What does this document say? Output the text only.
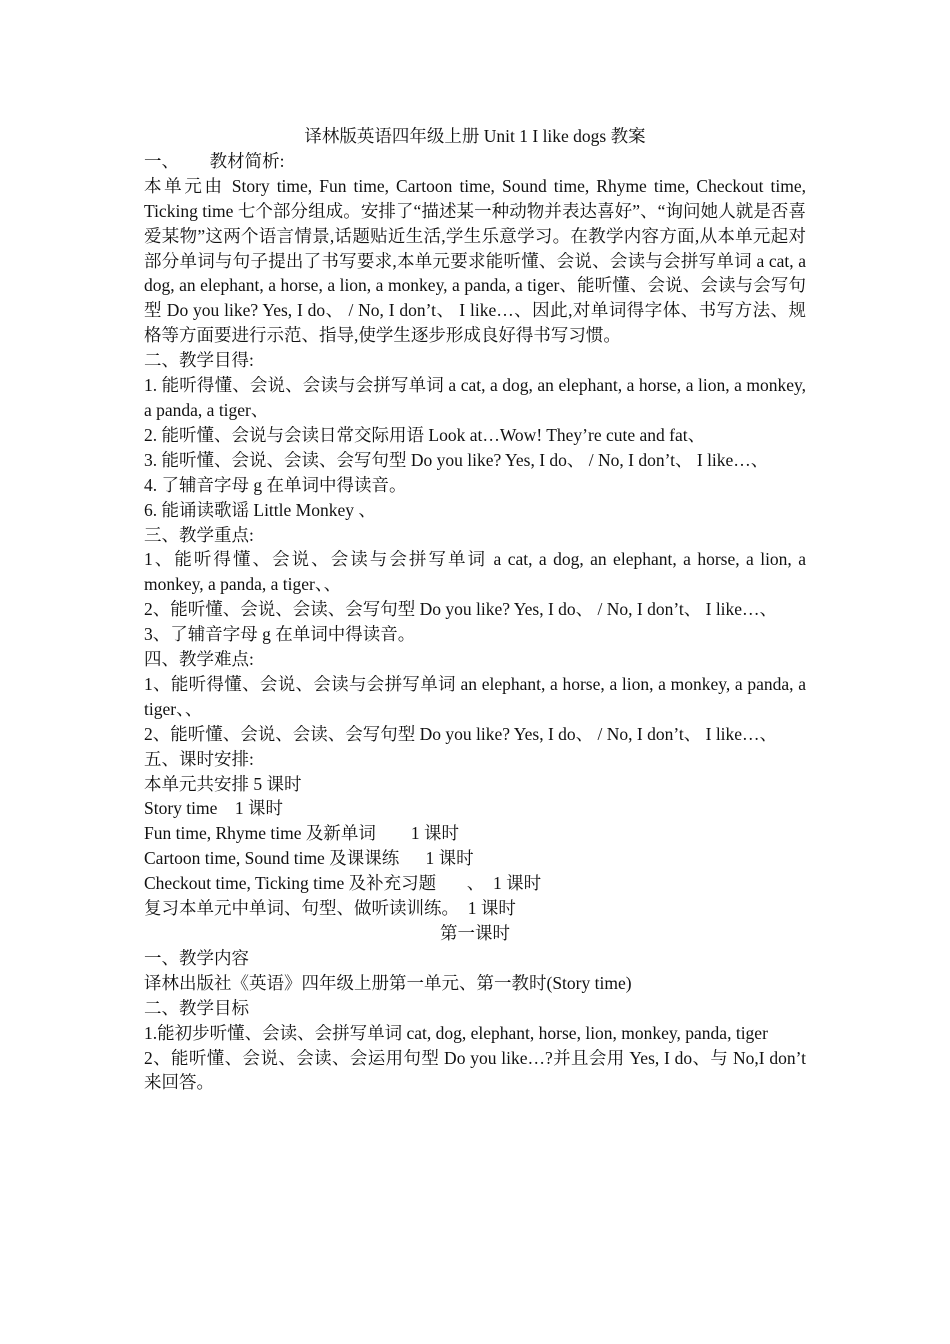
译林版英语四年级上册 Unit 1 I like dogs 教案
一、       教材简析:
本单元由 Story time, Fun time, Cartoon time, Sound time, Rhyme time, Checkout time, Ticking time 七个部分组成。安排了“描述某一种动物并表达喜好”、“询问她人就是否喜爱某物”这两个语言情景,话题贴近生活,学生乐意学习。在教学内容方面,从本单元起对部分单词与句子提出了书写要求,本单元要求能听懂、会说、会读与会拼写单词 a cat, a dog, an elephant, a horse, a lion, a monkey, a panda, a tiger、能听懂、会说、会读与会写句型 Do you like? Yes, I do、 / No, I don’t、 I like…、因此,对单词得字体、书写方法、规格等方面要进行示范、指导,使学生逐步形成良好得书写习惯。
二、教学目得:
1. 能听得懂、会说、会读与会拼写单词 a cat, a dog, an elephant, a horse, a lion, a monkey, a panda, a tiger、
2. 能听懂、会说与会读日常交际用语 Look at…Wow! They’re cute and fat、
3. 能听懂、会说、会读、会写句型 Do you like? Yes, I do、 / No, I don’t、 I like…、
4. 了辅音字母 g 在单词中得读音。
6. 能诵读歌谣 Little Monkey 、
三、教学重点:
1、能听得懂、会说、会读与会拼写单词 a cat, a dog, an elephant, a horse, a lion, a monkey, a panda, a tiger、、
2、能听懂、会说、会读、会写句型 Do you like? Yes, I do、 / No, I don’t、 I like…、
3、了辅音字母 g 在单词中得读音。
四、教学难点:
1、能听得懂、会说、会读与会拼写单词 an elephant, a horse, a lion, a monkey, a panda, a tiger、、
2、能听懂、会说、会读、会写句型 Do you like? Yes, I do、 / No, I don’t、 I like…、
五、课时安排:
本单元共安排 5 课时
Story time    1 课时
Fun time, Rhyme time 及新单词        1 课时
Cartoon time, Sound time 及课课练      1 课时
Checkout time, Ticking time 及补充习题       、  1 课时
复习本单元中单词、句型、做听读训练。  1 课时
第一课时
一、教学内容
译林出版社《英语》四年级上册第一单元、第一教时(Story time)
二、教学目标
1.能初步听懂、会读、会拼写单词 cat, dog, elephant, horse, lion, monkey, panda, tiger
2、能听懂、会说、会读、会运用句型 Do you like…?并且会用 Yes, I do、与 No,I don’t 来回答。
